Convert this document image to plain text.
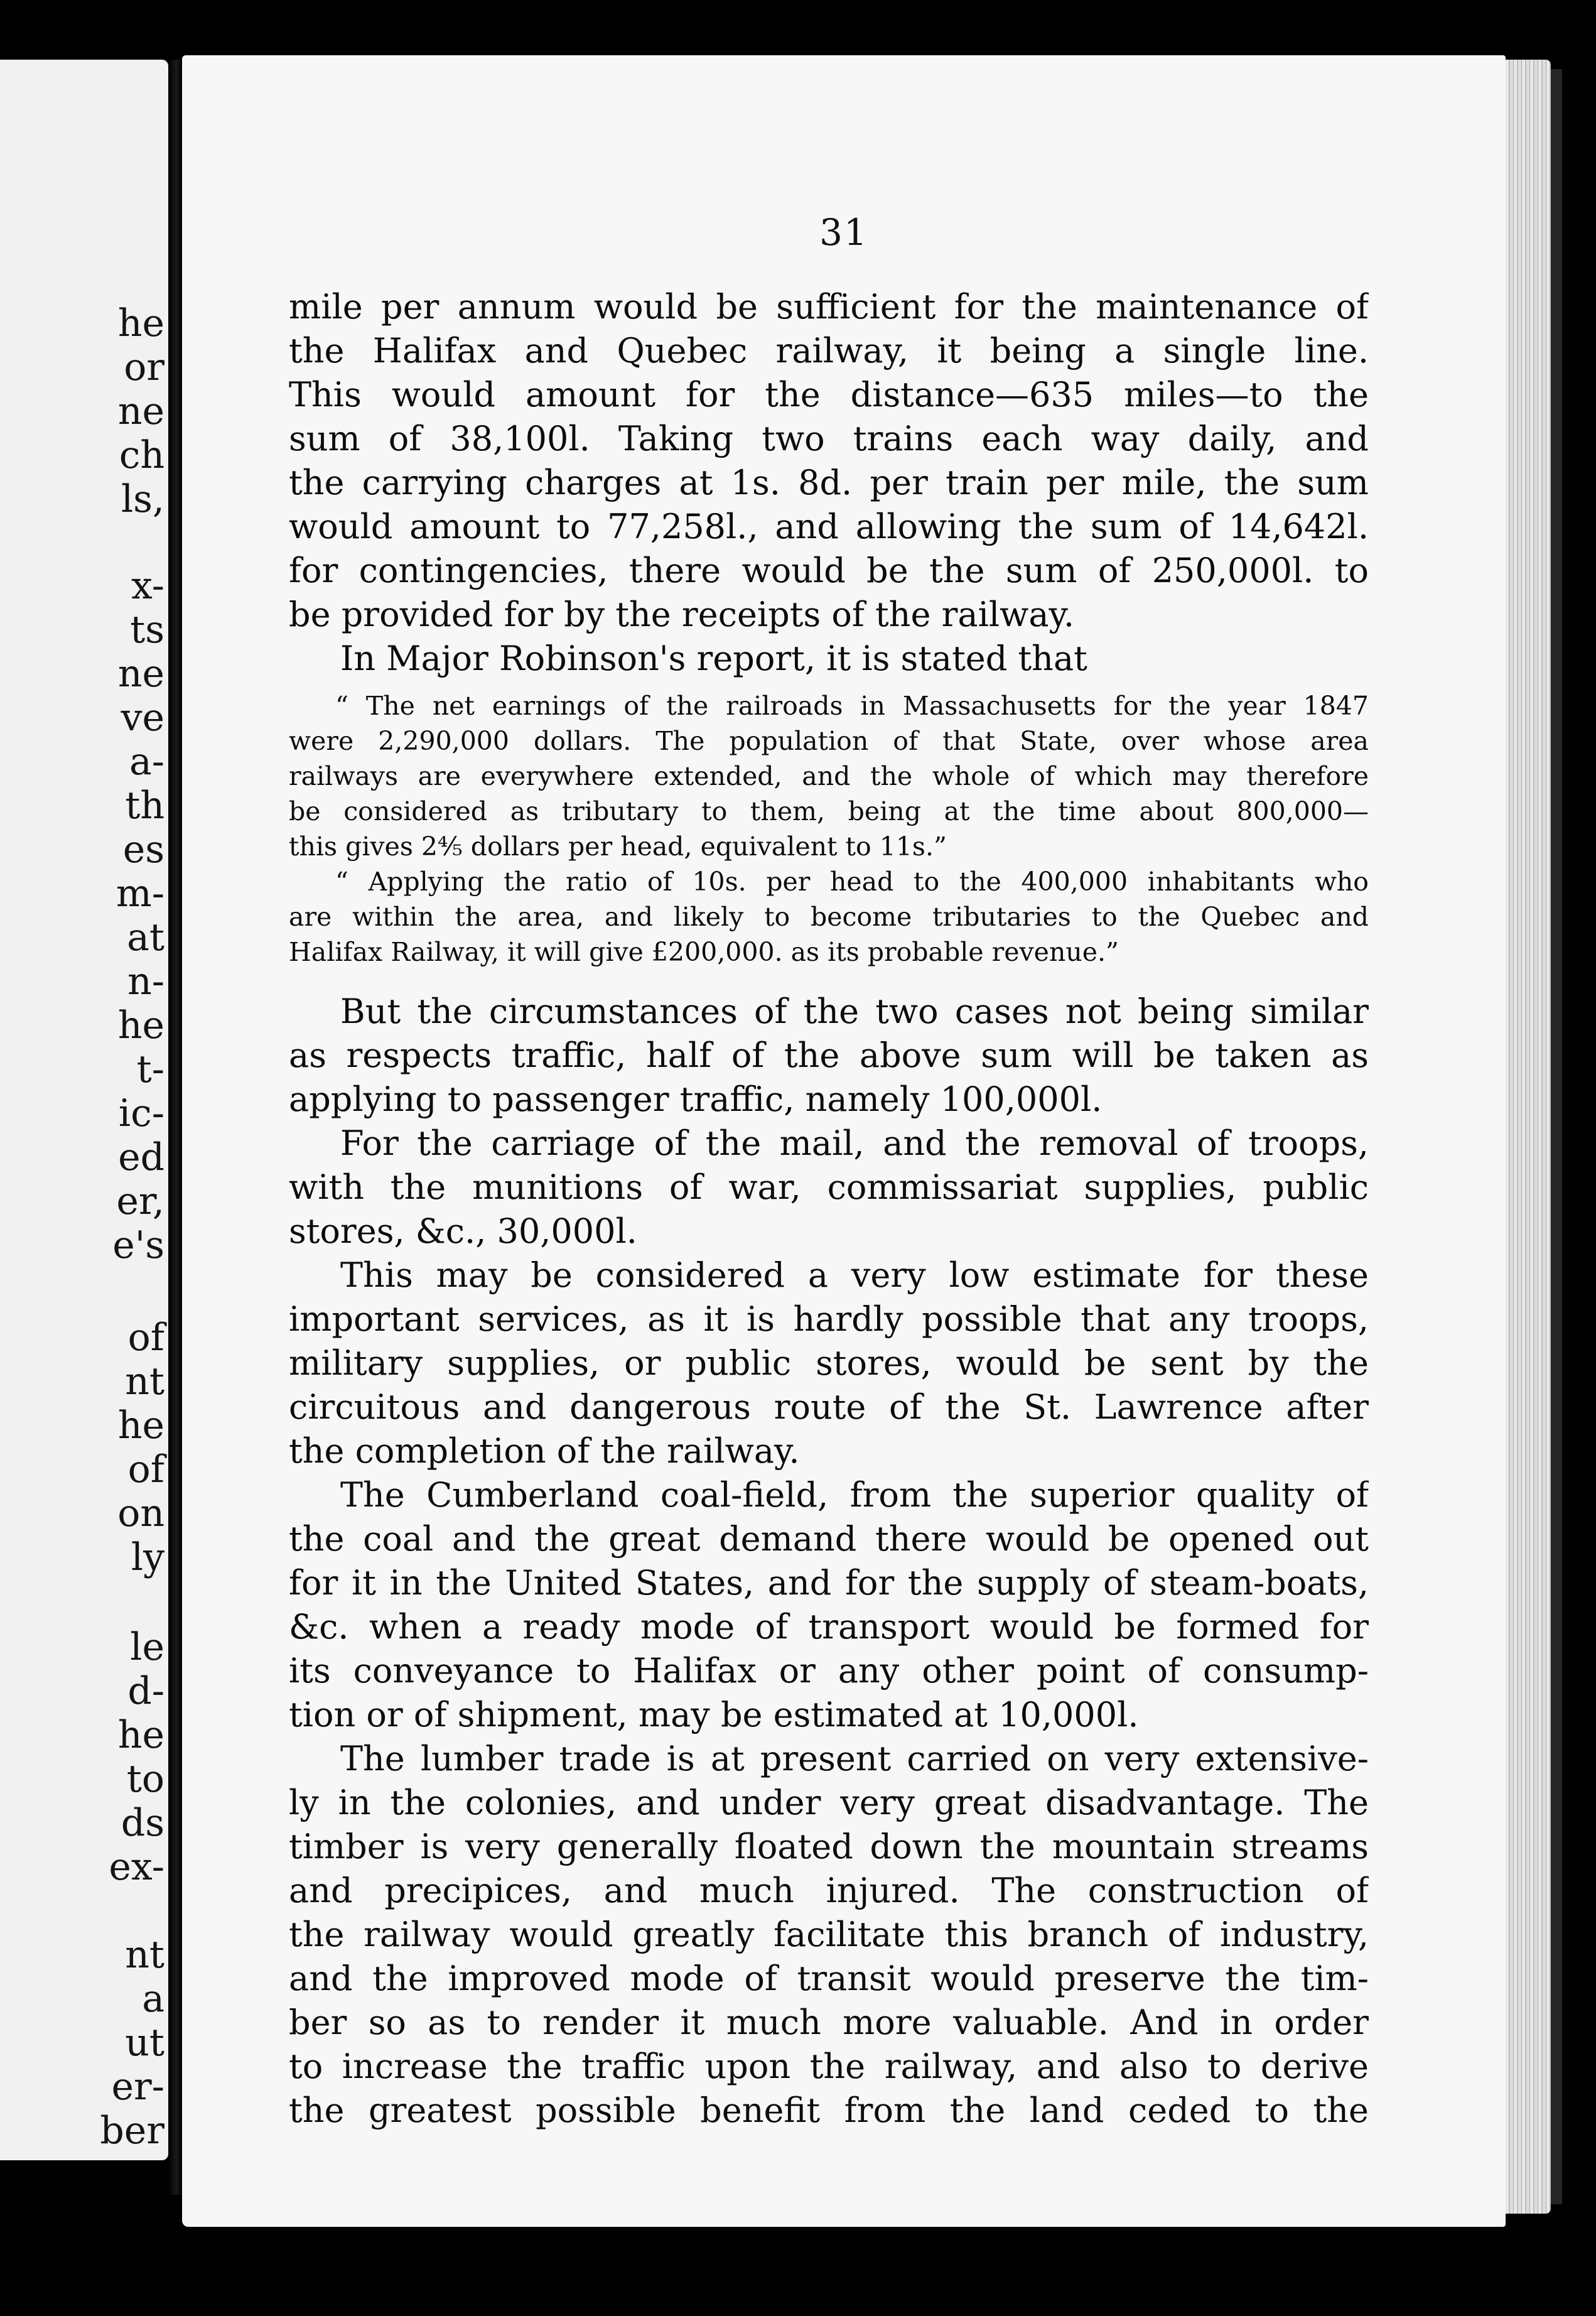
he
or
ne
ch
ls,
x-
ts
ne
ve
a-
th
es
m-
at
n-
he
t-
ic-
ed
er,
e's
of
nt
he
of
on
ly
le
d-
he
to
ds
ex-
nt
a
ut
er-
ber
31
mile per annum would be sufficient for the maintenance of
the Halifax and Quebec railway, it being a single line.
This would amount for the distance—635 miles—to the
sum of 38,100l. Taking two trains each way daily, and
the carrying charges at 1s. 8d. per train per mile, the sum
would amount to 77,258l., and allowing the sum of 14,642l.
for contingencies, there would be the sum of 250,000l. to
be provided for by the receipts of the railway.
In Major Robinson's report, it is stated that
“ The net earnings of the railroads in Massachusetts for the year 1847
were 2,290,000 dollars. The population of that State, over whose area
railways are everywhere extended, and the whole of which may therefore
be considered as tributary to them, being at the time about 800,000—
this gives 2⅘ dollars per head, equivalent to 11s.”
“ Applying the ratio of 10s. per head to the 400,000 inhabitants who
are within the area, and likely to become tributaries to the Quebec and
Halifax Railway, it will give £200,000. as its probable revenue.”
But the circumstances of the two cases not being similar
as respects traffic, half of the above sum will be taken as
applying to passenger traffic, namely 100,000l.
For the carriage of the mail, and the removal of troops,
with the munitions of war, commissariat supplies, public
stores, &c., 30,000l.
This may be considered a very low estimate for these
important services, as it is hardly possible that any troops,
military supplies, or public stores, would be sent by the
circuitous and dangerous route of the St. Lawrence after
the completion of the railway.
The Cumberland coal-field, from the superior quality of
the coal and the great demand there would be opened out
for it in the United States, and for the supply of steam-boats,
&c. when a ready mode of transport would be formed for
its conveyance to Halifax or any other point of consump-
tion or of shipment, may be estimated at 10,000l.
The lumber trade is at present carried on very extensive-
ly in the colonies, and under very great disadvantage. The
timber is very generally floated down the mountain streams
and precipices, and much injured. The construction of
the railway would greatly facilitate this branch of industry,
and the improved mode of transit would preserve the tim-
ber so as to render it much more valuable. And in order
to increase the traffic upon the railway, and also to derive
the greatest possible benefit from the land ceded to the
